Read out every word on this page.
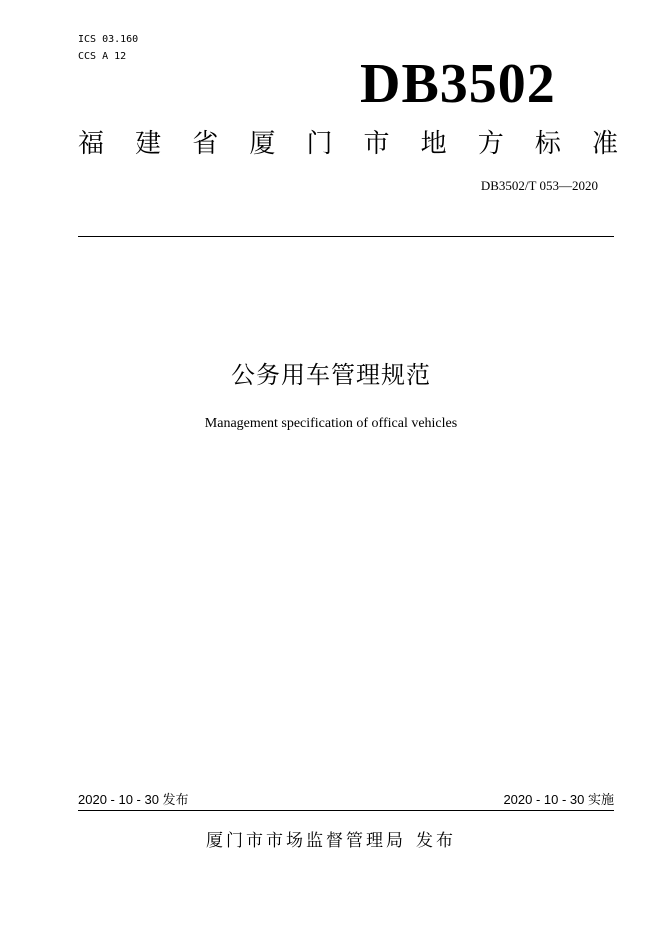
ICS 03.160
CCS A 12	DB3502
福 建 省 厦 门 市 地 方 标 准
DB3502/T 053—2020
公务用车管理规范
Management specification of offical vehicles
2020 - 10 - 30 发布	2020 - 10 - 30 实施
厦门市市场监督管理局 发布
